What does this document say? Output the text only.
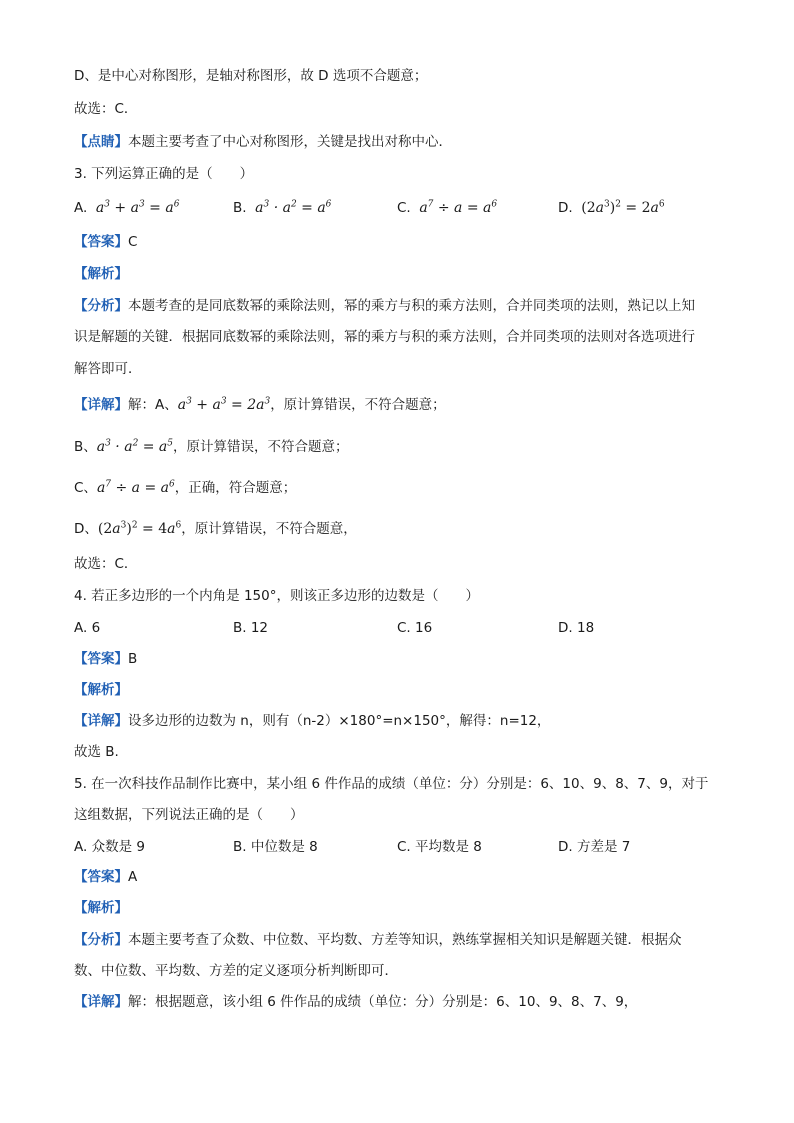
D、是中心对称图形，是轴对称图形，故 D 选项不合题意；
故选：C．
【点睛】本题主要考查了中心对称图形，关键是找出对称中心．
3. 下列运算正确的是（　　）
A. $a^3 + a^3 = a^6$	B. $a^3 \cdot a^2 = a^6$	C. $a^7 \div a = a^6$	D. $(2a^3)^2 = 2a^6$
【答案】C
【解析】
【分析】本题考查的是同底数幂的乘除法则，幂的乘方与积的乘方法则，合并同类项的法则，熟记以上知
识是解题的关键．根据同底数幂的乘除法则，幂的乘方与积的乘方法则，合并同类项的法则对各选项进行
解答即可．
【详解】解：A、$a^3 + a^3 = 2a^3$，原计算错误，不符合题意；
B、$a^3 \cdot a^2 = a^5$，原计算错误，不符合题意；
C、$a^7 \div a = a^6$，正确，符合题意；
D、$(2a^3)^2 = 4a^6$，原计算错误，不符合题意，
故选：C．
4. 若正多边形的一个内角是 150°，则该正多边形的边数是（　　）
A. 6	B. 12	C. 16	D. 18
【答案】B
【解析】
【详解】设多边形的边数为 n，则有（n-2）×180°=n×150°，解得：n=12，
故选 B.
5. 在一次科技作品制作比赛中，某小组 6 件作品的成绩（单位：分）分别是：6、10、9、8、7、9，对于
这组数据，下列说法正确的是（　　）
A. 众数是 9	B. 中位数是 8	C. 平均数是 8	D. 方差是 7
【答案】A
【解析】
【分析】本题主要考查了众数、中位数、平均数、方差等知识，熟练掌握相关知识是解题关键．根据众
数、中位数、平均数、方差的定义逐项分析判断即可．
【详解】解：根据题意，该小组 6 件作品的成绩（单位：分）分别是：6、10、9、8、7、9，
